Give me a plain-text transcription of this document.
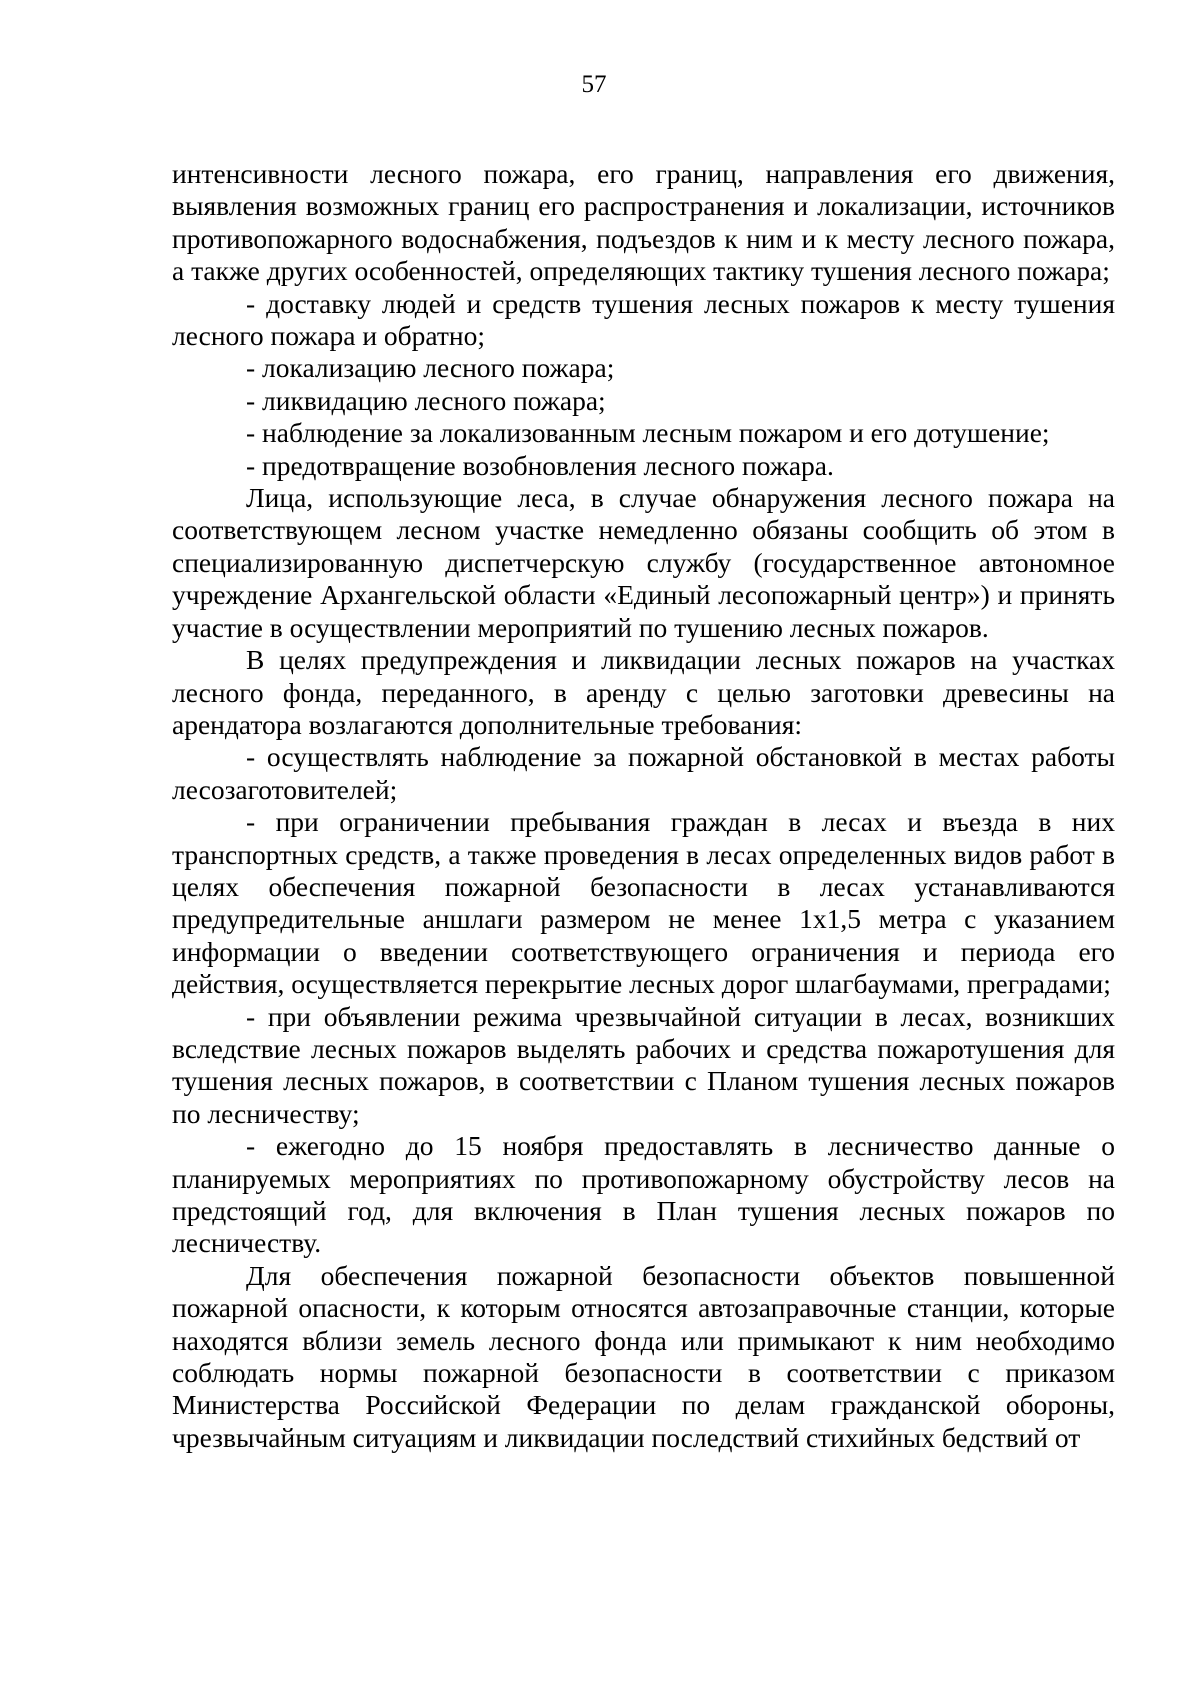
57

интенсивности лесного пожара, его границ, направления его движения, выявления возможных границ его распространения и локализации, источников противопожарного водоснабжения, подъездов к ним и к месту лесного пожара, а также других особенностей, определяющих тактику тушения лесного пожара;

- доставку людей и средств тушения лесных пожаров к месту тушения лесного пожара и обратно;

- локализацию лесного пожара;

- ликвидацию лесного пожара;

- наблюдение за локализованным лесным пожаром и его дотушение;

- предотвращение возобновления лесного пожара.

Лица, использующие леса, в случае обнаружения лесного пожара на соответствующем лесном участке немедленно обязаны сообщить об этом в специализированную диспетчерскую службу (государственное автономное учреждение Архангельской области «Единый лесопожарный центр») и принять участие в осуществлении мероприятий по тушению лесных пожаров.

В целях предупреждения и ликвидации лесных пожаров на участках лесного фонда, переданного, в аренду с целью заготовки древесины на арендатора возлагаются дополнительные требования:

- осуществлять наблюдение за пожарной обстановкой в местах работы лесозаготовителей;

- при ограничении пребывания граждан в лесах и въезда в них транспортных средств, а также проведения в лесах определенных видов работ в целях обеспечения пожарной безопасности в лесах устанавливаются предупредительные аншлаги размером не менее 1х1,5 метра с указанием информации о введении соответствующего ограничения и периода его действия, осуществляется перекрытие лесных дорог шлагбаумами, преградами;

- при объявлении режима чрезвычайной ситуации в лесах, возникших вследствие лесных пожаров выделять рабочих и средства пожаротушения для тушения лесных пожаров, в соответствии с Планом тушения лесных пожаров по лесничеству;

- ежегодно до 15 ноября предоставлять в лесничество данные о планируемых мероприятиях по противопожарному обустройству лесов на предстоящий год, для включения в План тушения лесных пожаров по лесничеству.

Для обеспечения пожарной безопасности объектов повышенной пожарной опасности, к которым относятся автозаправочные станции, которые находятся вблизи земель лесного фонда или примыкают к ним необходимо соблюдать нормы пожарной безопасности в соответствии с приказом Министерства Российской Федерации по делам гражданской обороны, чрезвычайным ситуациям и ликвидации последствий стихийных бедствий от
